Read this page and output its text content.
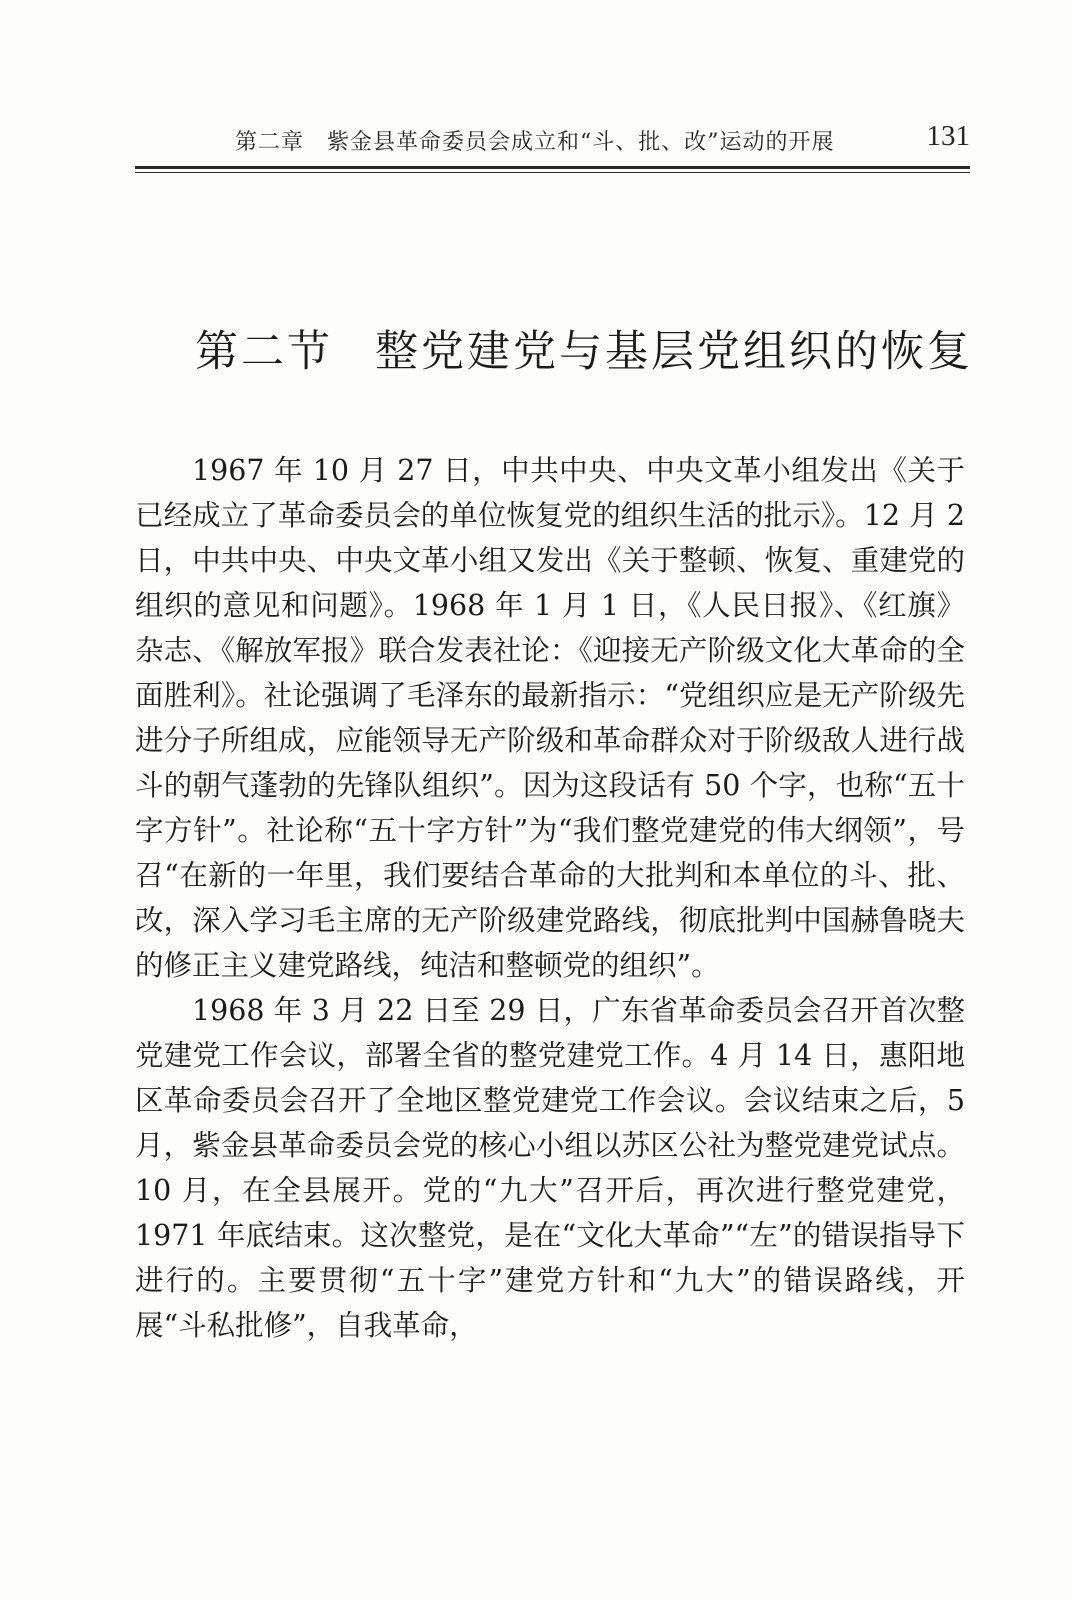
第二章　紫金县革命委员会成立和“斗、批、改”运动的开展	131
第二节 整党建党与基层党组织的恢复

1967 年 10 月 27 日，中共中央、中央文革小组发出《关于已经成立了革命委员会的单位恢复党的组织生活的批示》。12 月 2 日，中共中央、中央文革小组又发出《关于整顿、恢复、重建党的组织的意见和问题》。1968 年 1 月 1 日，《人民日报》、《红旗》杂志、《解放军报》联合发表社论：《迎接无产阶级文化大革命的全面胜利》。社论强调了毛泽东的最新指示：“党组织应是无产阶级先进分子所组成，应能领导无产阶级和革命群众对于阶级敌人进行战斗的朝气蓬勃的先锋队组织”。因为这段话有 50 个字，也称“五十字方针”。社论称“五十字方针”为“我们整党建党的伟大纲领”，号召“在新的一年里，我们要结合革命的大批判和本单位的斗、批、改，深入学习毛主席的无产阶级建党路线，彻底批判中国赫鲁晓夫的修正主义建党路线，纯洁和整顿党的组织”。

1968 年 3 月 22 日至 29 日，广东省革命委员会召开首次整党建党工作会议，部署全省的整党建党工作。4 月 14 日，惠阳地区革命委员会召开了全地区整党建党工作会议。会议结束之后，5 月，紫金县革命委员会党的核心小组以苏区公社为整党建党试点。10 月，在全县展开。党的“九大”召开后，再次进行整党建党，1971 年底结束。这次整党，是在“文化大革命”“左”的错误指导下进行的。主要贯彻“五十字”建党方针和“九大”的错误路线，开展“斗私批修”，自我革命，
